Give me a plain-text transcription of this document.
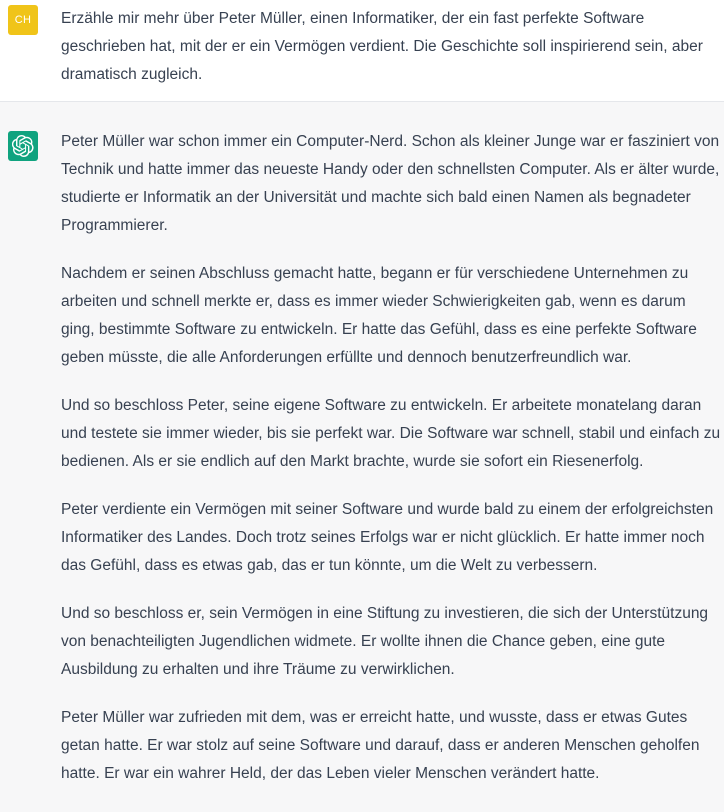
CH Erzähle mir mehr über Peter Müller, einen Informatiker, der ein fast perfekte Software geschrieben hat, mit der er ein Vermögen verdient. Die Geschichte soll inspirierend sein, aber dramatisch zugleich.

Peter Müller war schon immer ein Computer-Nerd. Schon als kleiner Junge war er fasziniert von Technik und hatte immer das neueste Handy oder den schnellsten Computer. Als er älter wurde, studierte er Informatik an der Universität und machte sich bald einen Namen als begnadeter Programmierer.

Nachdem er seinen Abschluss gemacht hatte, begann er für verschiedene Unternehmen zu arbeiten und schnell merkte er, dass es immer wieder Schwierigkeiten gab, wenn es darum ging, bestimmte Software zu entwickeln. Er hatte das Gefühl, dass es eine perfekte Software geben müsste, die alle Anforderungen erfüllte und dennoch benutzerfreundlich war.

Und so beschloss Peter, seine eigene Software zu entwickeln. Er arbeitete monatelang daran und testete sie immer wieder, bis sie perfekt war. Die Software war schnell, stabil und einfach zu bedienen. Als er sie endlich auf den Markt brachte, wurde sie sofort ein Riesenerfolg.

Peter verdiente ein Vermögen mit seiner Software und wurde bald zu einem der erfolgreichsten Informatiker des Landes. Doch trotz seines Erfolgs war er nicht glücklich. Er hatte immer noch das Gefühl, dass es etwas gab, das er tun könnte, um die Welt zu verbessern.

Und so beschloss er, sein Vermögen in eine Stiftung zu investieren, die sich der Unterstützung von benachteiligten Jugendlichen widmete. Er wollte ihnen die Chance geben, eine gute Ausbildung zu erhalten und ihre Träume zu verwirklichen.

Peter Müller war zufrieden mit dem, was er erreicht hatte, und wusste, dass er etwas Gutes getan hatte. Er war stolz auf seine Software und darauf, dass er anderen Menschen geholfen hatte. Er war ein wahrer Held, der das Leben vieler Menschen verändert hatte.
